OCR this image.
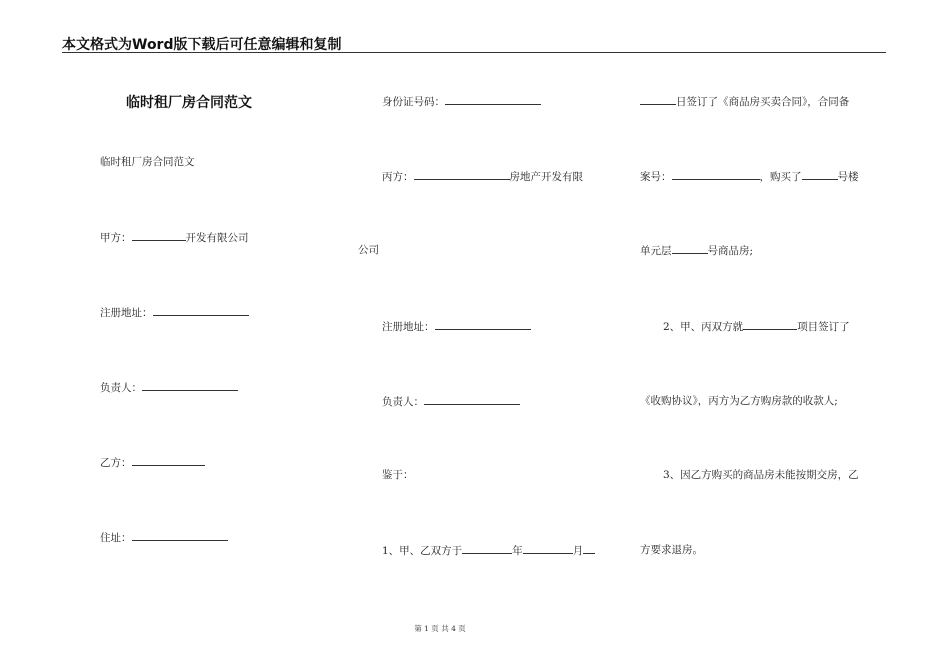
本文格式为Word版下载后可任意编辑和复制
临时租厂房合同范文
临时租厂房合同范文
甲方：	开发有限公司
注册地址：
负责人：
乙方：
住址：
身份证号码：
丙方：	房地产开发有限
公司
注册地址：
负责人：
鉴于：
1、甲、乙双方于	年	月
日签订了《商品房买卖合同》，合同备
案号：	，购买了	号楼
单元层	号商品房;
2、甲、丙双方就	项目签订了
《收购协议》，丙方为乙方购房款的收款人;
3、因乙方购买的商品房未能按期交房，乙
方要求退房。
第 1 页 共 4 页
